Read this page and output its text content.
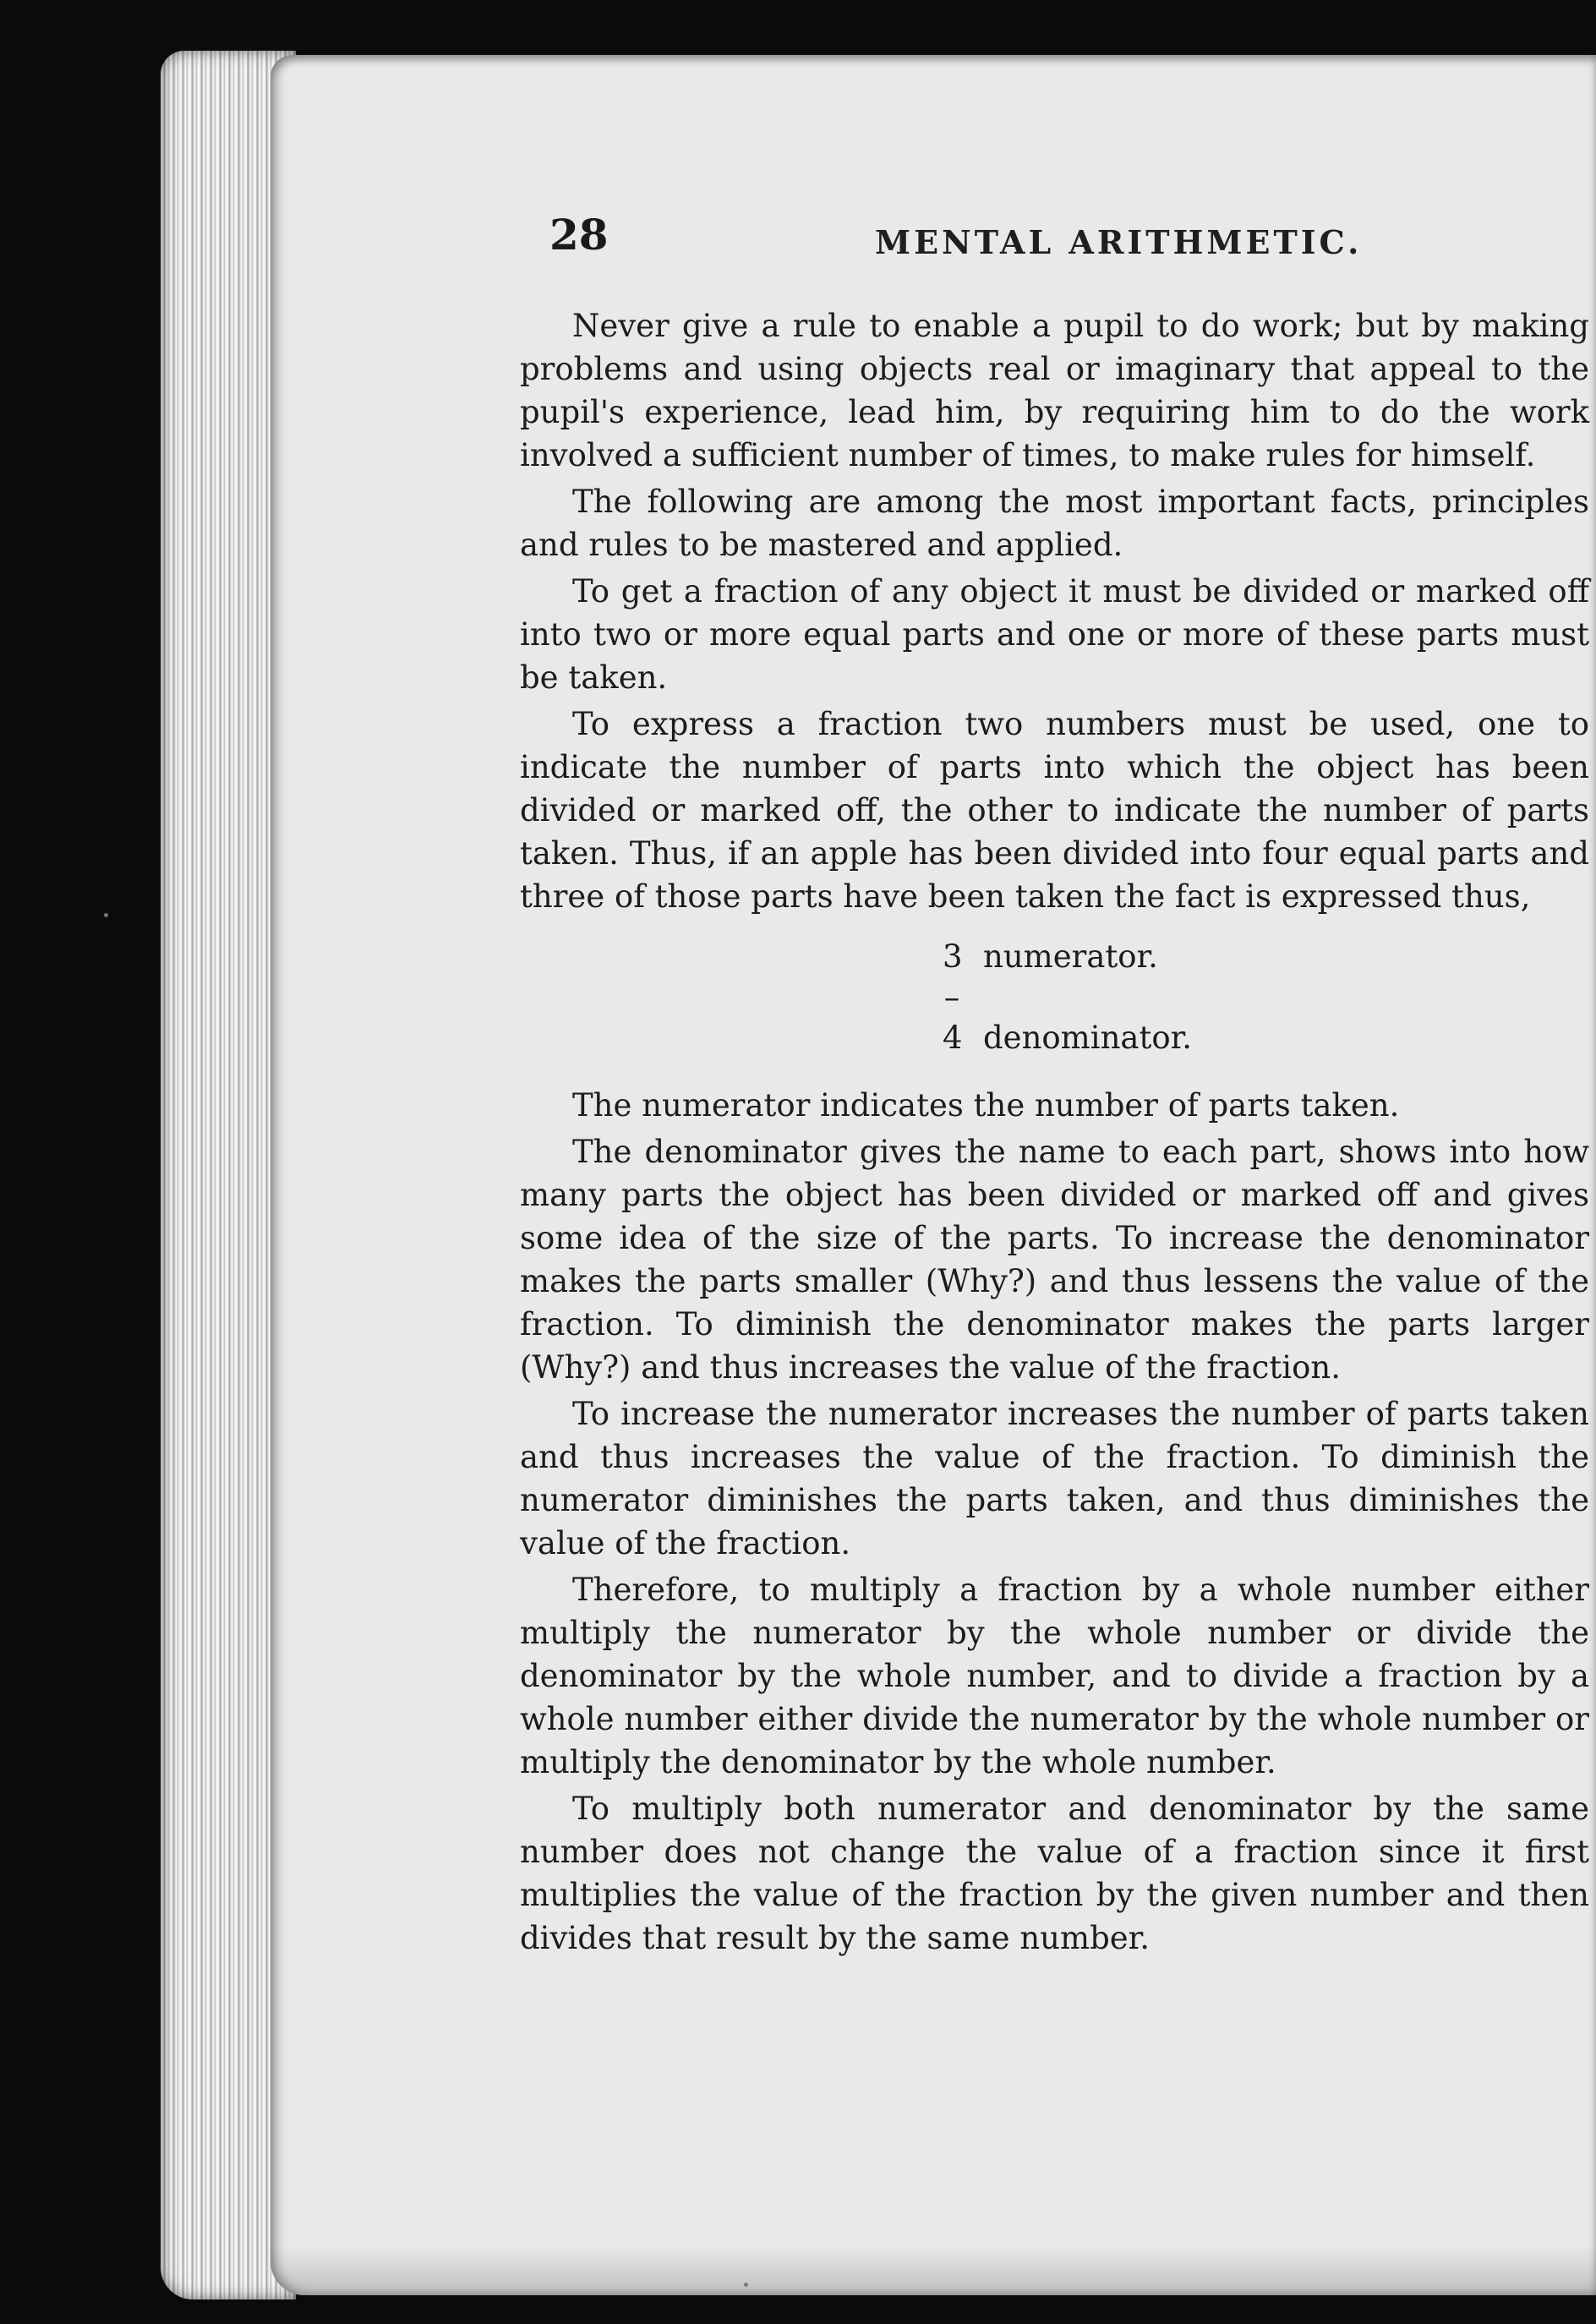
28	MENTAL ARITHMETIC.

Never give a rule to enable a pupil to do work; but by making problems and using objects real or imaginary that appeal to the pupil's experience, lead him, by requiring him to do the work involved a sufficient number of times, to make rules for himself.

The following are among the most important facts, principles and rules to be mastered and applied.

To get a fraction of any object it must be divided or marked off into two or more equal parts and one or more of these parts must be taken.

To express a fraction two numbers must be used, one to indicate the number of parts into which the object has been divided or marked off, the other to indicate the number of parts taken. Thus, if an apple has been divided into four equal parts and three of those parts have been taken the fact is expressed thus,

3 numerator.
–
4 denominator.

The numerator indicates the number of parts taken.

The denominator gives the name to each part, shows into how many parts the object has been divided or marked off and gives some idea of the size of the parts. To increase the denominator makes the parts smaller (Why?) and thus lessens the value of the fraction. To diminish the denominator makes the parts larger (Why?) and thus increases the value of the fraction.

To increase the numerator increases the number of parts taken and thus increases the value of the fraction. To diminish the numerator diminishes the parts taken, and thus diminishes the value of the fraction.

Therefore, to multiply a fraction by a whole number either multiply the numerator by the whole number or divide the denominator by the whole number, and to divide a fraction by a whole number either divide the numerator by the whole number or multiply the denominator by the whole number.

To multiply both numerator and denominator by the same number does not change the value of a fraction since it first multiplies the value of the fraction by the given number and then divides that result by the same number.
